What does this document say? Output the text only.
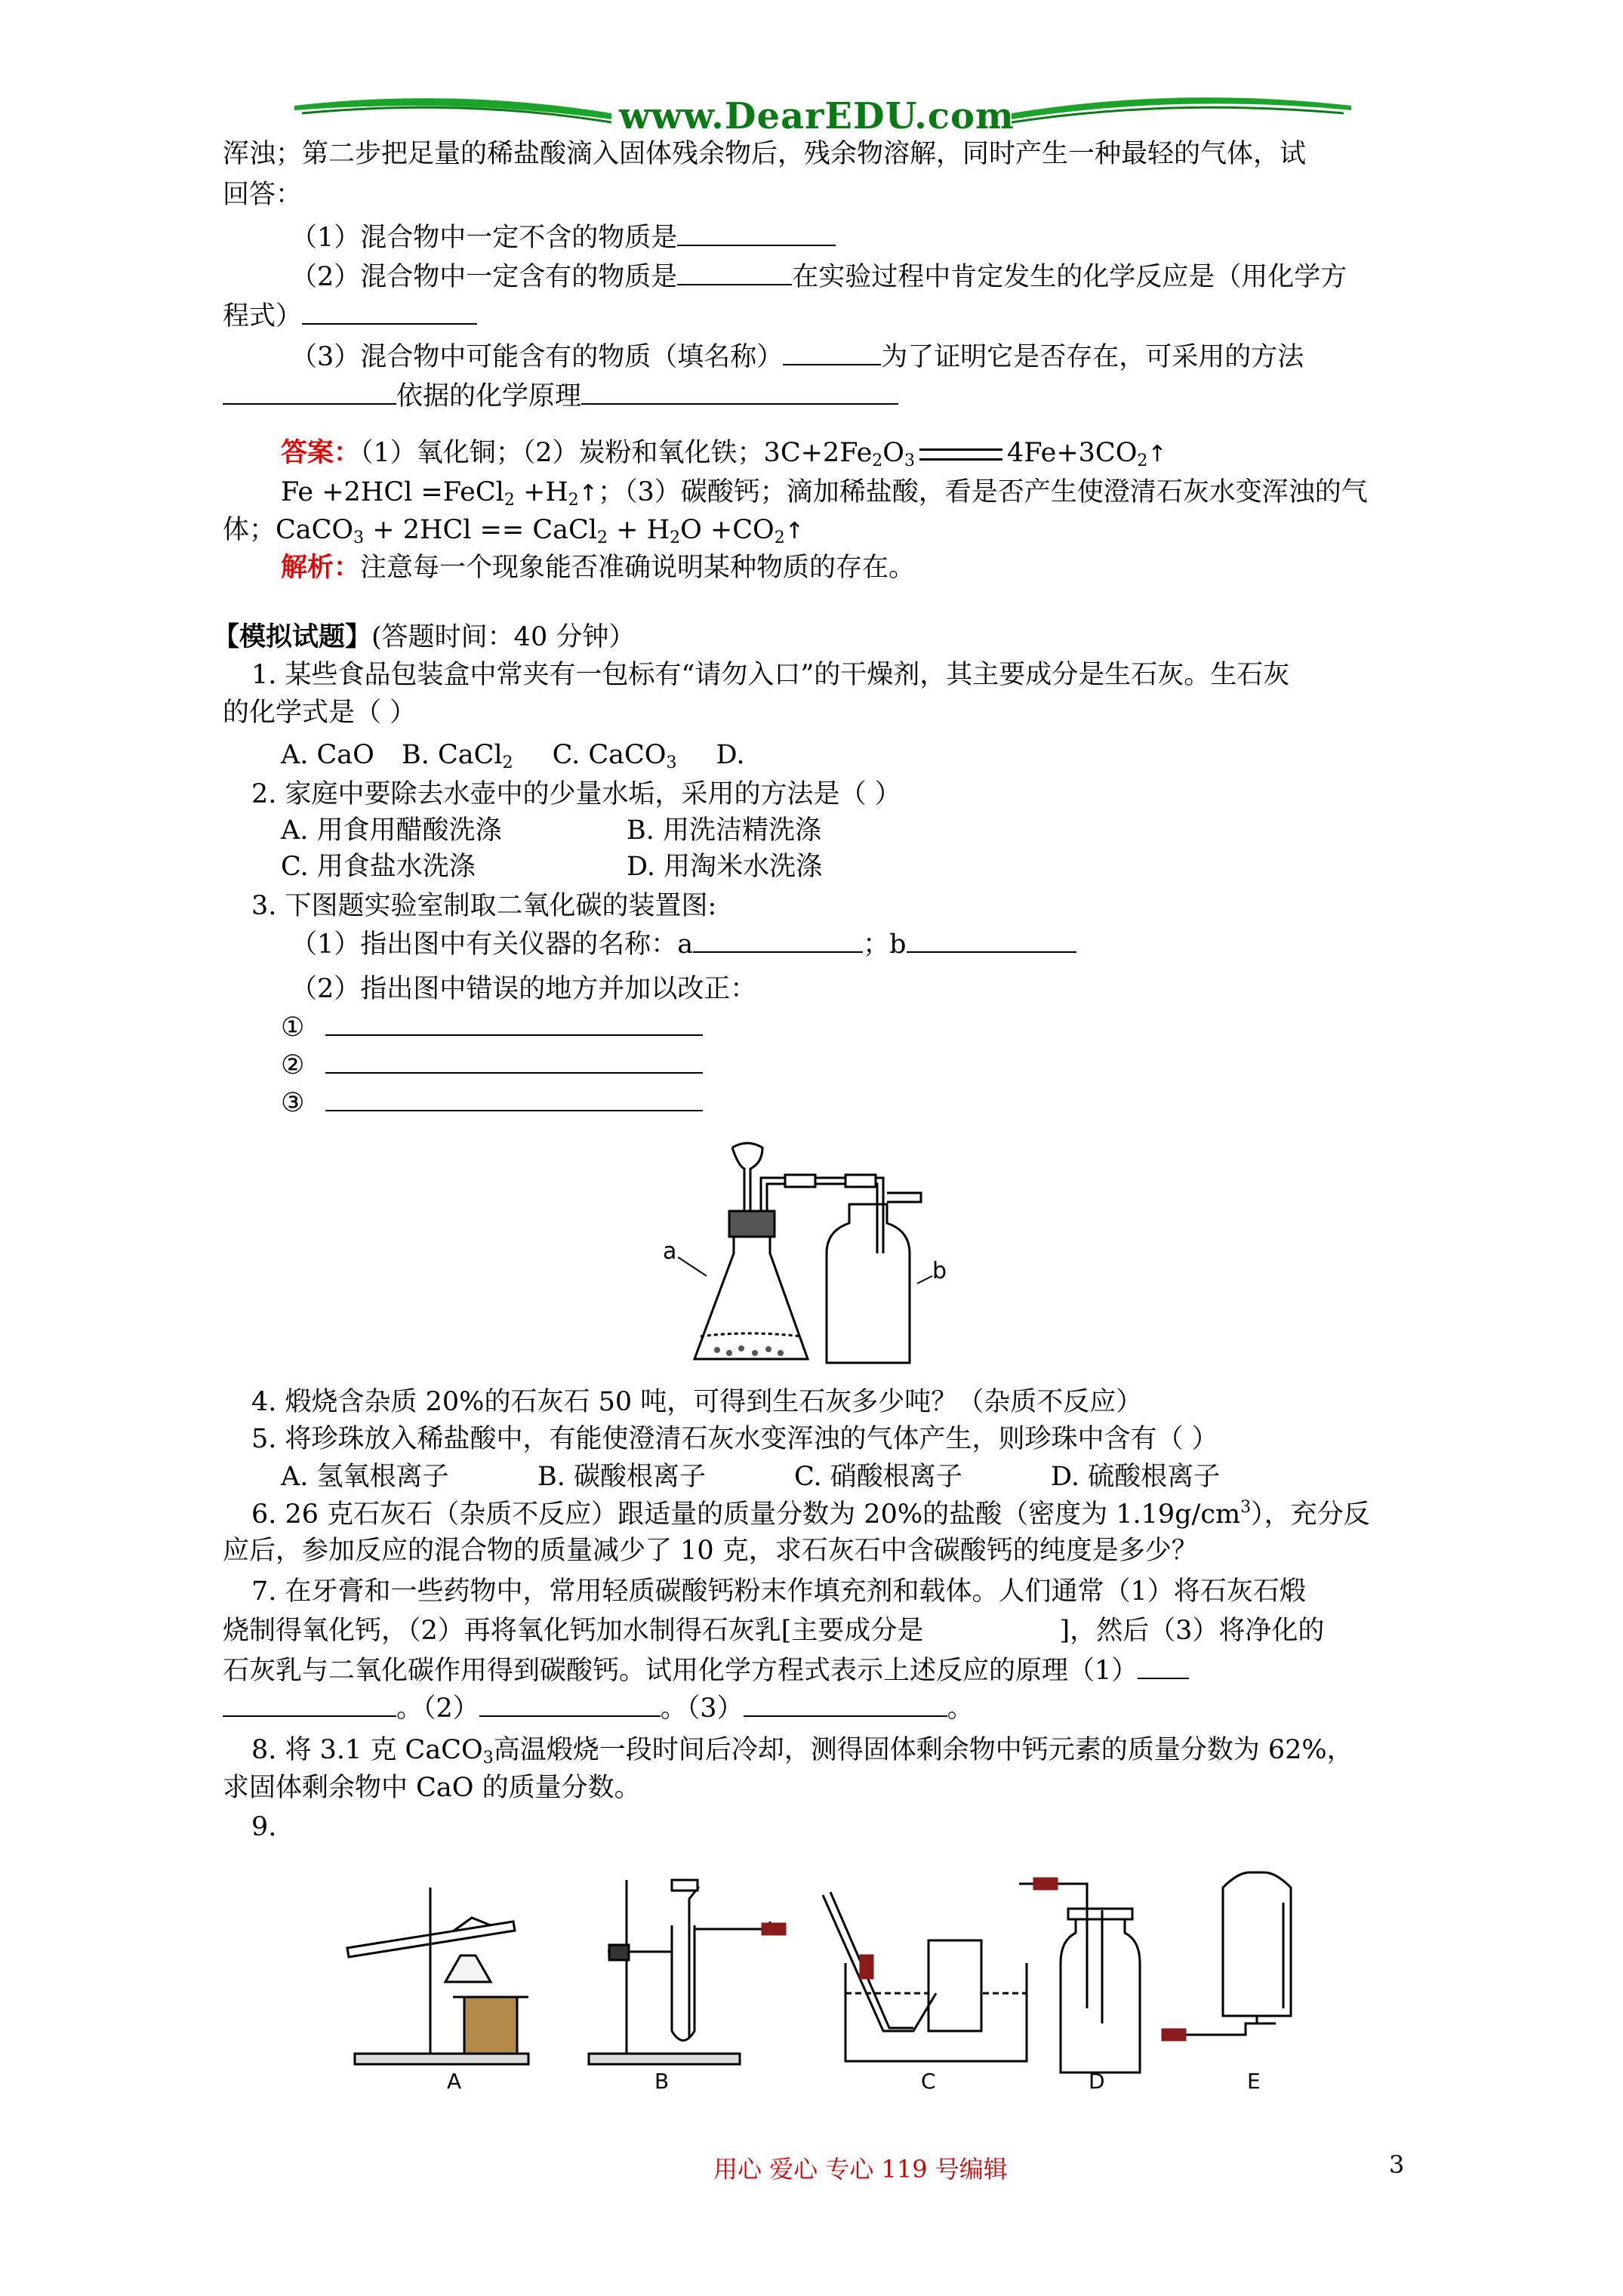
www.DearEDU.com
浑浊；第二步把足量的稀盐酸滴入固体残余物后，残余物溶解，同时产生一种最轻的气体，试
回答：
（1）混合物中一定不含的物质是
（2）混合物中一定含有的物质是	在实验过程中肯定发生的化学反应是（用化学方
程式）
（3）混合物中可能含有的物质（填名称）	为了证明它是否存在，可采用的方法
依据的化学原理
答案：（1）氧化铜；（2）炭粉和氧化铁；$3C+2Fe_2O_3$	$4Fe+3CO_2↑$
Fe +2HCl =FeCl$_2$ $+H_2↑$；（3）碳酸钙；滴加稀盐酸，看是否产生使澄清石灰水变浑浊的气
体；CaCO$_3$ + 2HCl == CaCl$_2$ + $H_2O$ $+CO_2↑$
解析：注意每一个现象能否准确说明某种物质的存在。
【模拟试题】(答题时间：40 分钟）
1. 某些食品包装盒中常夹有一包标有“请勿入口”的干燥剂，其主要成分是生石灰。生石灰
的化学式是（ ）
A. CaO B. CaCl$_2$ C. CaCO$_3$ D.
2. 家庭中要除去水壶中的少量水垢，采用的方法是（ ）
A. 用食用醋酸洗涤	B. 用洗洁精洗涤
C. 用食盐水洗涤	D. 用淘米水洗涤
3. 下图题实验室制取二氧化碳的装置图:
（1）指出图中有关仪器的名称：a	；b
（2）指出图中错误的地方并加以改正：
①
②
③
a
b
4. 煅烧含杂质 20%的石灰石 50 吨，可得到生石灰多少吨？（杂质不反应）
5. 将珍珠放入稀盐酸中，有能使澄清石灰水变浑浊的气体产生，则珍珠中含有（ ）
A. 氢氧根离子	B. 碳酸根离子	C. 硝酸根离子	D. 硫酸根离子
6. 26 克石灰石（杂质不反应）跟适量的质量分数为 20%的盐酸（密度为 $1.19g/cm^3$），充分反
应后，参加反应的混合物的质量减少了 10 克，求石灰石中含碳酸钙的纯度是多少？
7. 在牙膏和一些药物中，常用轻质碳酸钙粉末作填充剂和载体。人们通常（1）将石灰石煅
烧制得氧化钙，（2）再将氧化钙加水制得石灰乳[主要成分是	]，然后（3）将净化的
石灰乳与二氧化碳作用得到碳酸钙。试用化学方程式表示上述反应的原理（1）
。（2）	。（3）	。
8. 将 3.1 克 CaCO$_3$高温煅烧一段时间后冷却，测得固体剩余物中钙元素的质量分数为 62%，
求固体剩余物中 CaO 的质量分数。
9.
A	B	C	D	E
用心 爱心 专心 119 号编辑	3
